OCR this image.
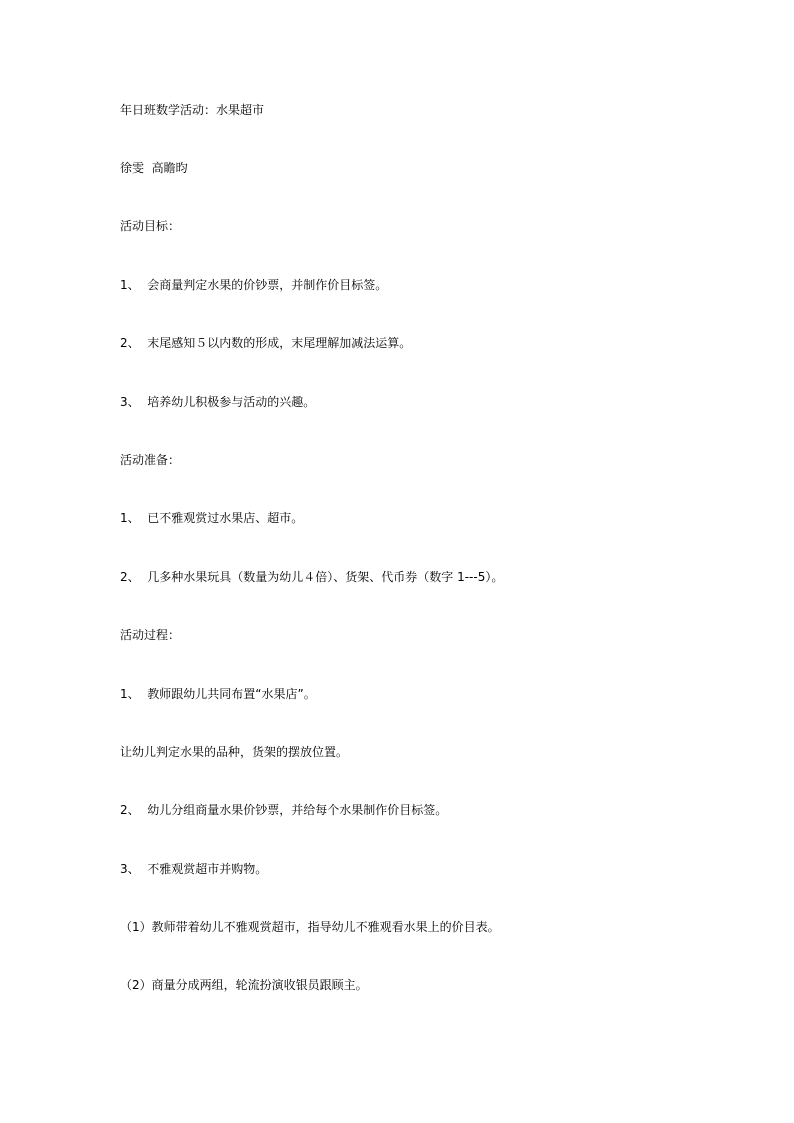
年日班数学活动：水果超市

徐雯  高瞻昀

活动目标：

1、  会商量判定水果的价钞票，并制作价目标签。

2、  末尾感知５以内数的形成，末尾理解加减法运算。

3、  培养幼儿积极参与活动的兴趣。

活动准备：

1、  已不雅观赏过水果店、超市。

2、  几多种水果玩具（数量为幼儿４倍）、货架、代币券（数字 1---5）。

活动过程：

1、  教师跟幼儿共同布置“水果店”。

让幼儿判定水果的品种，货架的摆放位置。

2、  幼儿分组商量水果价钞票，并给每个水果制作价目标签。

3、  不雅观赏超市并购物。

（1）教师带着幼儿不雅观赏超市，指导幼儿不雅观看水果上的价目表。

（2）商量分成两组，轮流扮演收银员跟顾主。
